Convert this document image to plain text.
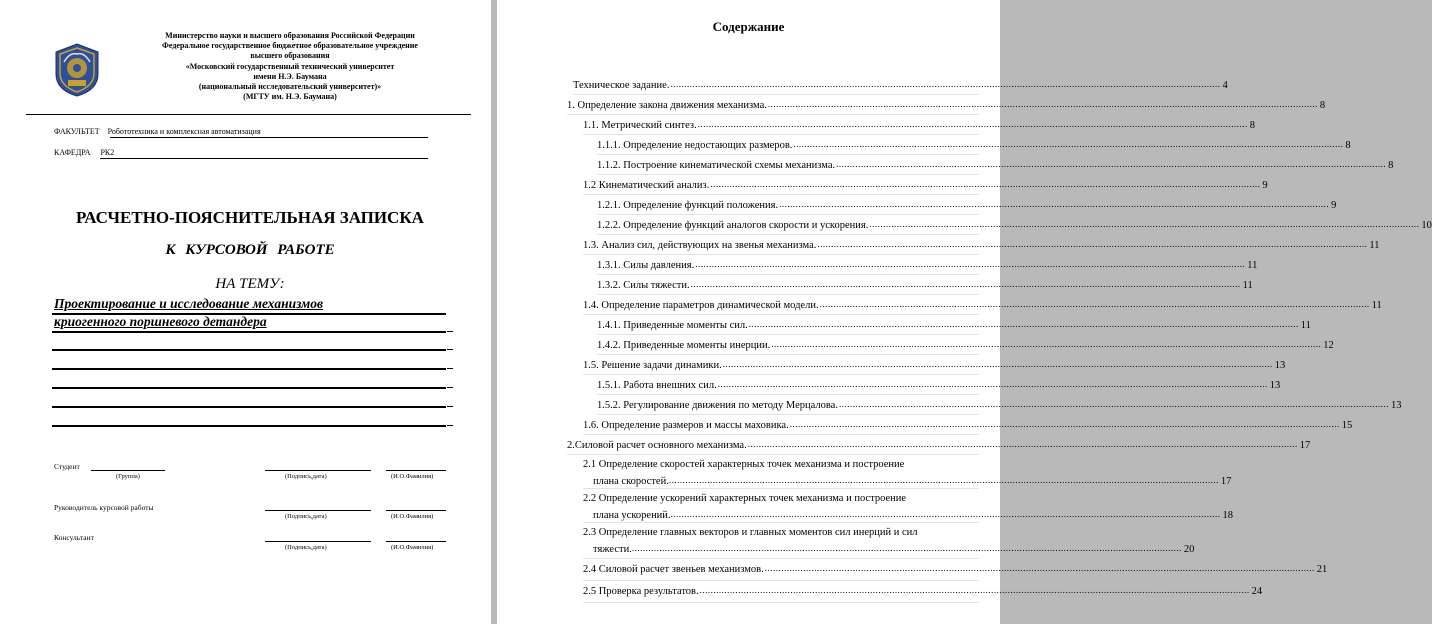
Министерство науки и высшего образования Российской Федерации
Федеральное государственное бюджетное образовательное учреждение
высшего образования
«Московский государственный технический университет
имени Н.Э. Баумана
(национальный исследовательский университет)»
(МГТУ им. Н.Э. Баумана)
ФАКУЛЬТЕТ Робототехника и комплексная автоматизация
КАФЕДРА РК2
РАСЧЕТНО-ПОЯСНИТЕЛЬНАЯ ЗАПИСКА
К КУРСОВОЙ РАБОТЕ
НА ТЕМУ:
Проектирование и исследование механизмов
криогенного поршневого детандера
Студент
(Группа)	(Подпись,дата)	(И.О.Фамилия)
Руководитель курсовой работы
(Подпись,дата)	(И.О.Фамилия)
Консультант
(Подпись,дата)	(И.О.Фамилия)
Содержание
Техническое задание. ........................................................................................................................................................................................................ 4
1. Определение закона движения механизма. ........................................................................................................................................................................................................ 8
1.1. Метрический синтез. ........................................................................................................................................................................................................ 8
1.1.1. Определение недостающих размеров. ........................................................................................................................................................................................................ 8
1.1.2. Построение кинематической схемы механизма. ........................................................................................................................................................................................................ 8
1.2 Кинематический анализ. ........................................................................................................................................................................................................ 9
1.2.1. Определение функций положения. ........................................................................................................................................................................................................ 9
1.2.2. Определение функций аналогов скорости и ускорения. ........................................................................................................................................................................................................ 10
1.3. Анализ сил, действующих на звенья механизма. ........................................................................................................................................................................................................ 11
1.3.1. Силы давления. ........................................................................................................................................................................................................ 11
1.3.2. Силы тяжести. ........................................................................................................................................................................................................ 11
1.4. Определение параметров динамической модели. ........................................................................................................................................................................................................ 11
1.4.1. Приведенные моменты сил. ........................................................................................................................................................................................................ 11
1.4.2. Приведенные моменты инерции. ........................................................................................................................................................................................................ 12
1.5. Решение задачи динамики. ........................................................................................................................................................................................................ 13
1.5.1. Работа внешних сил. ........................................................................................................................................................................................................ 13
1.5.2. Регулирование движения по методу Мерцалова. ........................................................................................................................................................................................................ 13
1.6. Определение размеров и массы маховика. ........................................................................................................................................................................................................ 15
2.Силовой расчет основного механизма. ........................................................................................................................................................................................................ 17
2.1 Определение скоростей характерных точек механизма и построение
плана скоростей. ........................................................................................................................................................................................................ 17
2.2 Определение ускорений характерных точек механизма и построение
плана ускорений. ........................................................................................................................................................................................................ 18
2.3 Определение главных векторов и главных моментов сил инерций и сил
тяжести. ........................................................................................................................................................................................................ 20
2.4 Силовой расчет звеньев механизмов. ........................................................................................................................................................................................................ 21
2.5 Проверка результатов. ........................................................................................................................................................................................................ 24
